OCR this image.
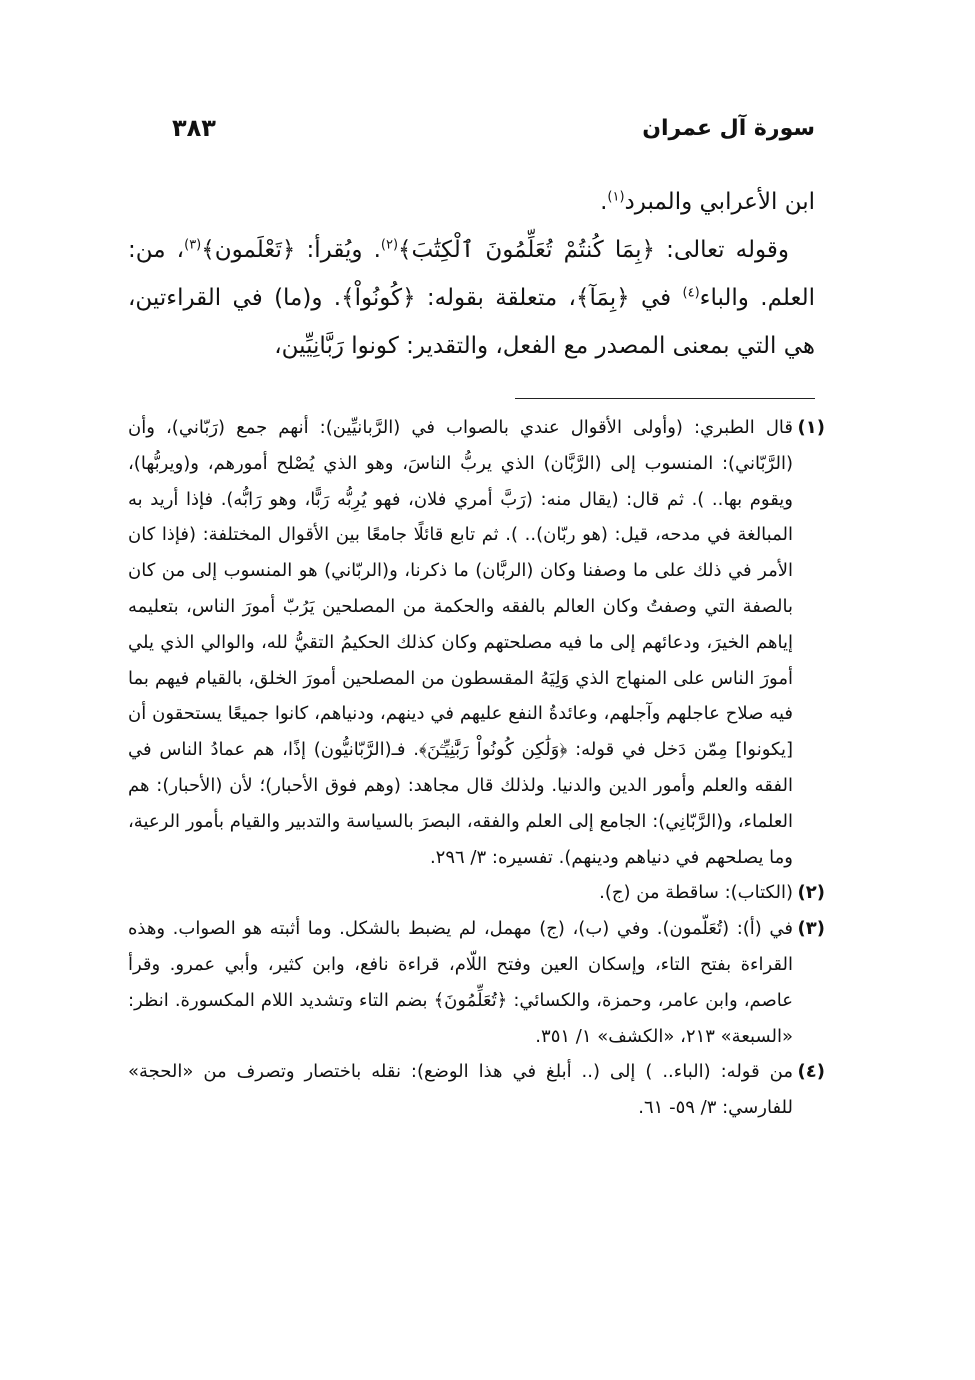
٣٨٣	سورة آل عمران

ابن الأعرابي والمبرد$^{(١)}$.

وقوله تعالى: ﴿بِمَا كُنتُمْ تُعَلِّمُونَ ٱلْكِتَٰبَ﴾$^{(٢)}$. ويُقرأ: ﴿تَعْلَمون﴾$^{(٣)}$، من: العلم. والباء$^{(٤)}$ في ﴿بِمَآ﴾، متعلقة بقوله: ﴿كُونُواْ﴾. و(ما) في القراءتين، هي التي بمعنى المصدر مع الفعل، والتقدير: كونوا رَبَّانِيِّين،

(١)
قال الطبري: (وأولى الأقوال عندي بالصواب في (الرَّبانيِّين): أنهم جمع (رَبّاني)، وأن (الرَّبّاني): المنسوب إلى (الرَّبَّان) الذي يربُّ الناسَ، وهو الذي يُصْلح أمورهم، و(ويربُّها)، ويقوم بها.. ). ثم قال: (يقال منه: (رَبَّ أمري فلان، فهو يُرِبُّه رَبًّا، وهو رَابُّه). فإذا أريد به المبالغة في مدحه، قيل: (هو ربّان).. ). ثم تابع قائلًا جامعًا بين الأقوال المختلفة: (فإذا كان الأمر في ذلك على ما وصفنا وكان (الربَّان) ما ذكرنا، و(الربّاني) هو المنسوب إلى من كان بالصفة التي وصفتُ وكان العالم بالفقه والحكمة من المصلحين يَرُبّ أمورَ الناس، بتعليمه إياهم الخيرَ، ودعائهم إلى ما فيه مصلحتهم وكان كذلك الحكيمُ التقيُّ لله، والوالي الذي يلي أمورَ الناس على المنهاج الذي وَلِيَهُ المقسطون من المصلحين أمورَ الخلق، بالقيام فيهم بما فيه صلاح عاجلهم وآجلهم، وعائدةُ النفع عليهم في دينهم، ودنياهم، كانوا جميعًا يستحقون أن [يكونوا] مِمّن دَخل في قوله: ﴿وَلَٰكِن كُونُواْ رَبَّٰنِيِّـۧنَ﴾. فـ(الرَّبّانيُّون) إذًا، هم عمادُ الناس في الفقه والعلم وأمور الدين والدنيا. ولذلك قال مجاهد: (وهم فوق الأحبار)؛ لأن (الأحبار): هم العلماء، و(الرَّبّانِي): الجامع إلى العلم والفقه، البصرَ بالسياسة والتدبير والقيام بأمور الرعية، وما يصلحهم في دنياهم ودينهم). تفسيره: ٣/ ٢٩٦.
(٢)
(الكتاب): ساقطة من (ج).
(٣)
في (أ): (تُعَلّمون). وفي (ب)، (ج) مهمل، لم يضبط بالشكل. وما أثبته هو الصواب. وهذه القراءة بفتح التاء، وإسكان العين وفتح اللّام، قراءة نافع، وابن كثير، وأبي عمرو. وقرأ عاصم، وابن عامر، وحمزة، والكسائي: ﴿تُعَلِّمُونَ﴾ بضم التاء وتشديد اللام المكسورة. انظر: «السبعة» ٢١٣، «الكشف» ١/ ٣٥١.
(٤)
من قوله: (الباء.. ) إلى (.. أبلغ في هذا الوضع): نقله باختصار وتصرف من «الحجة» للفارسي: ٣/ ٥٩- ٦١.
